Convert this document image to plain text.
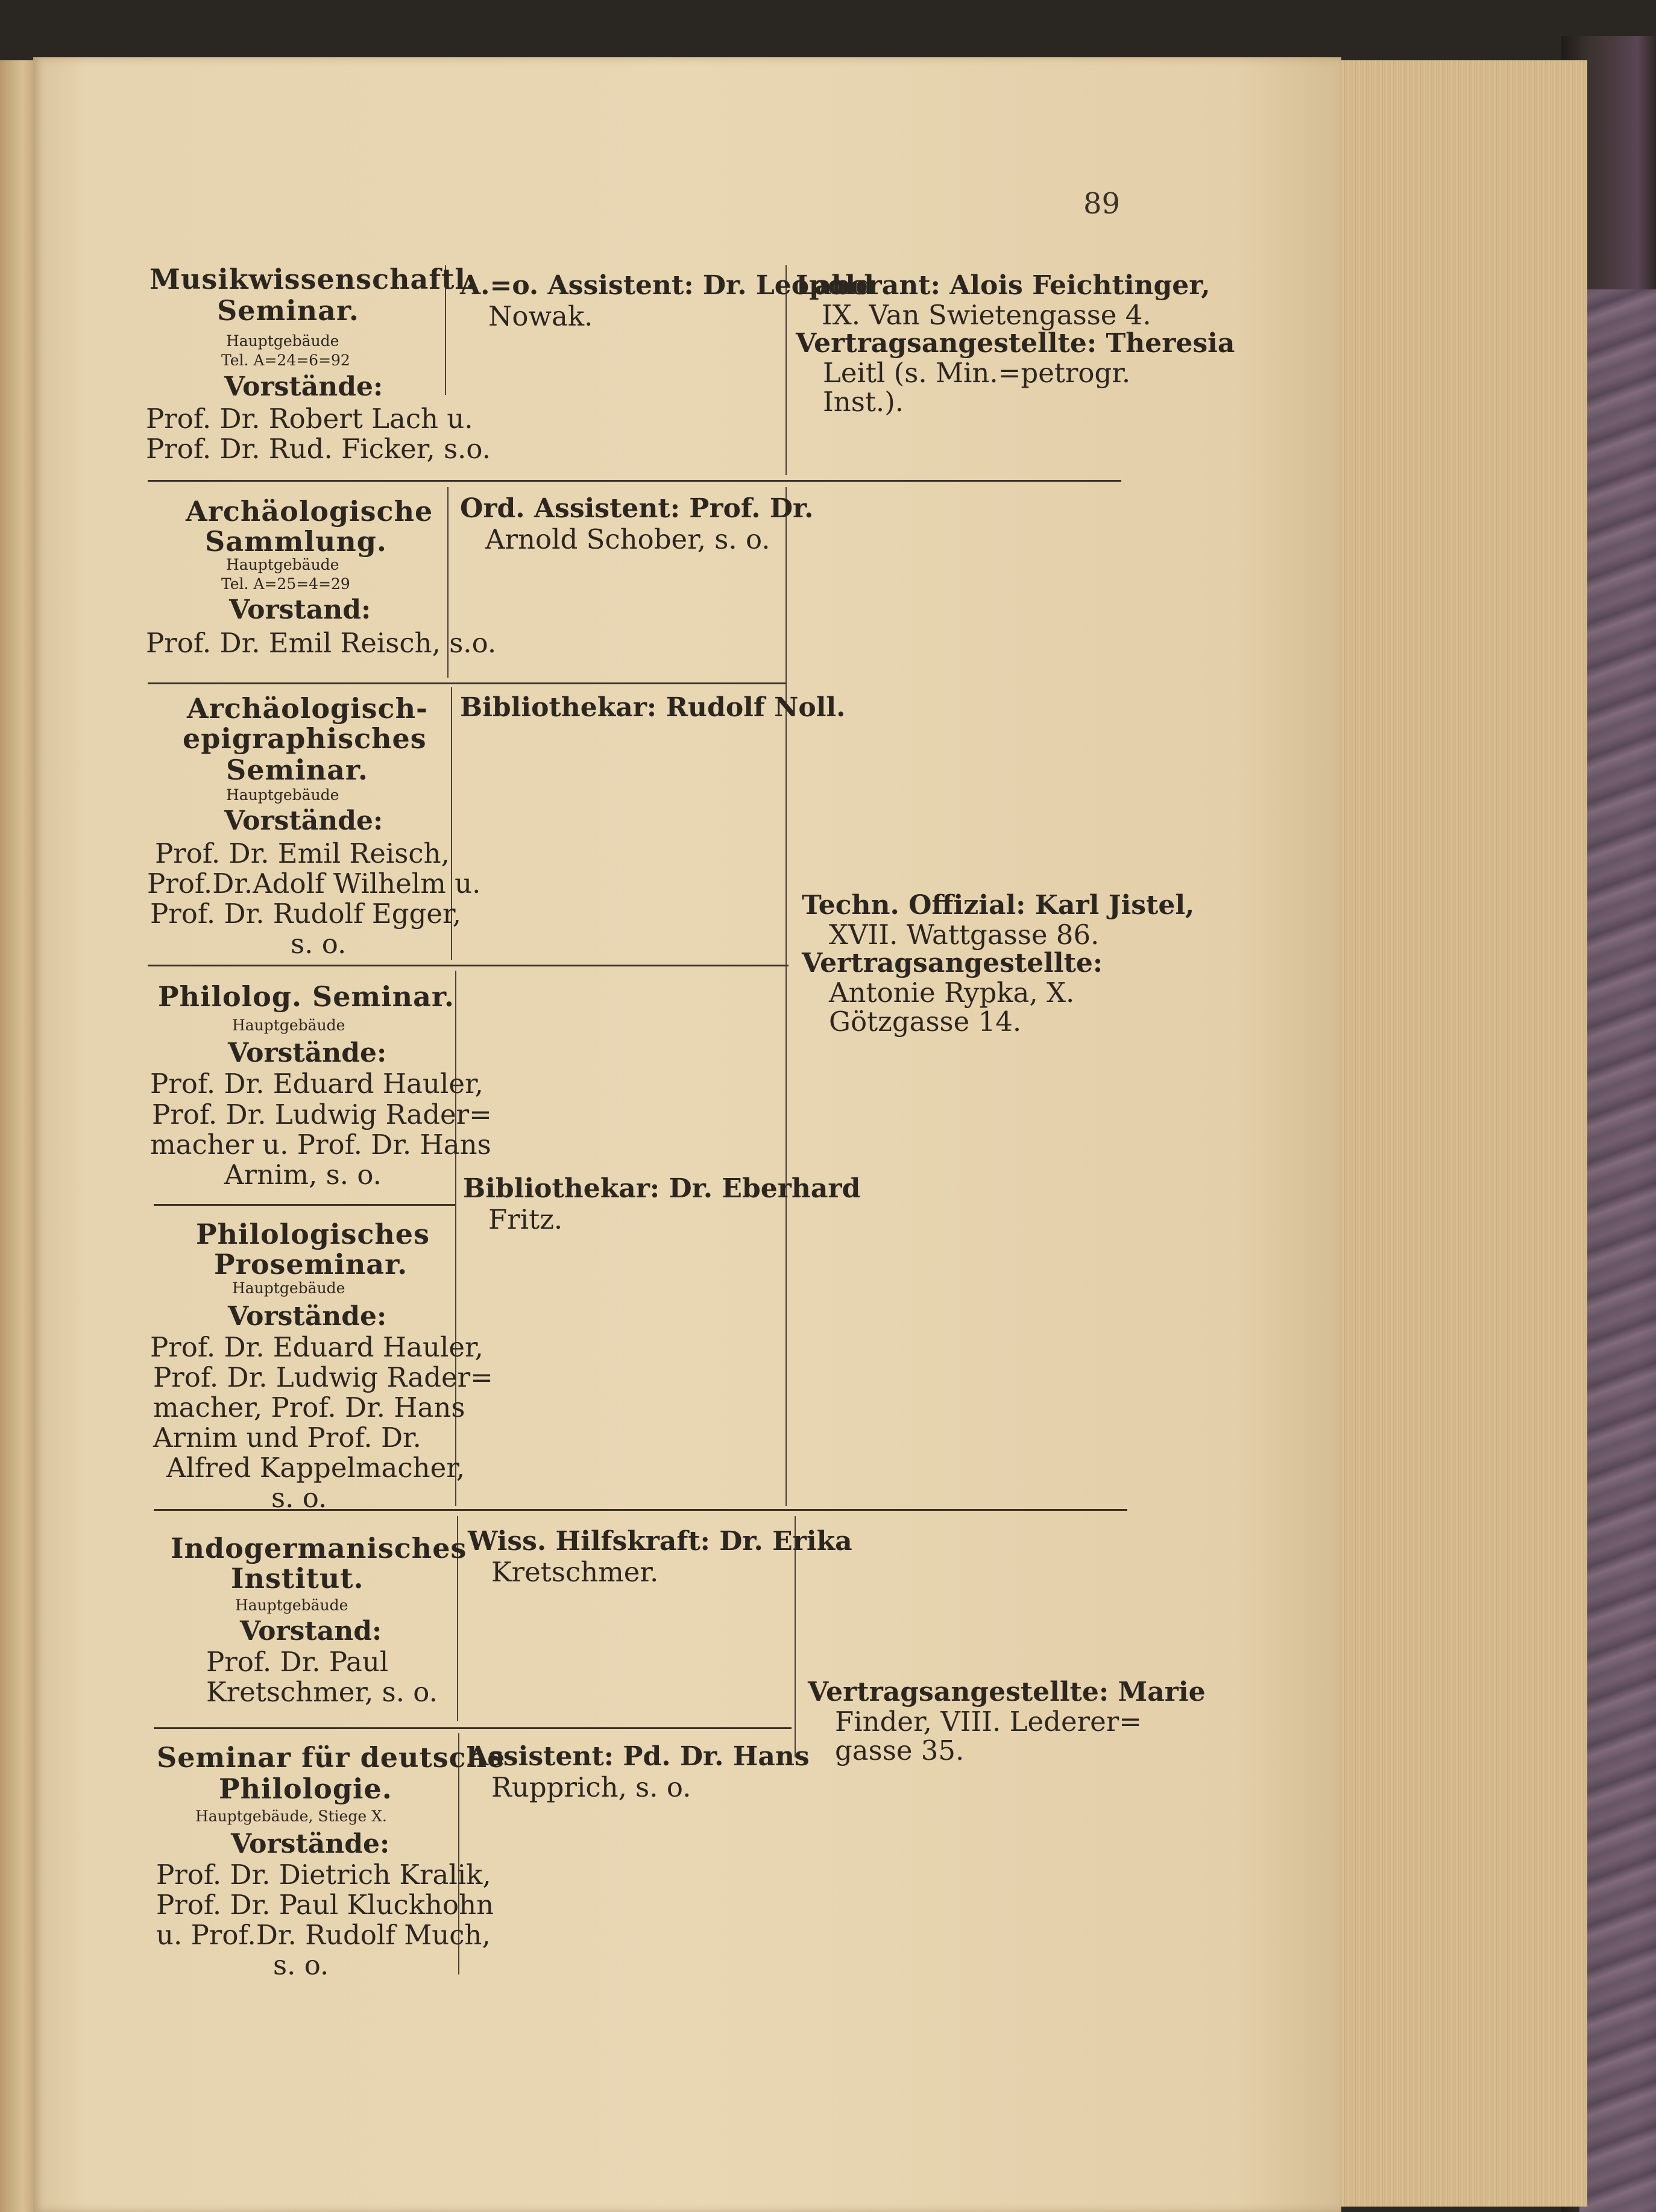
89
Musikwissenschaftl.
Seminar.
Hauptgebäude
Tel. A=24=6=92
Vorstände:
Prof. Dr. Robert Lach u.
Prof. Dr. Rud. Ficker, s.o.
Archäologische
Sammlung.
Hauptgebäude
Tel. A=25=4=29
Vorstand:
Prof. Dr. Emil Reisch, s.o.
Archäologisch-
epigraphisches
Seminar.
Hauptgebäude
Vorstände:
Prof. Dr. Emil Reisch,
Prof.Dr.Adolf Wilhelm u.
Prof. Dr. Rudolf Egger,
s. o.
Philolog. Seminar.
Hauptgebäude
Vorstände:
Prof. Dr. Eduard Hauler,
Prof. Dr. Ludwig Rader=
macher u. Prof. Dr. Hans
Arnim, s. o.
Philologisches
Proseminar.
Hauptgebäude
Vorstände:
Prof. Dr. Eduard Hauler,
Prof. Dr. Ludwig Rader=
macher, Prof. Dr. Hans
Arnim und Prof. Dr.
Alfred Kappelmacher,
s. o.
Indogermanisches
Institut.
Hauptgebäude
Vorstand:
Prof. Dr. Paul
Kretschmer, s. o.
Seminar für deutsche
Philologie.
Hauptgebäude, Stiege X.
Vorstände:
Prof. Dr. Dietrich Kralik,
Prof. Dr. Paul Kluckhohn
u. Prof.Dr. Rudolf Much,
s. o.
A.=o. Assistent: Dr. Leopold
Nowak.
Ord. Assistent: Prof. Dr.
Arnold Schober, s. o.
Bibliothekar: Rudolf Noll.
Bibliothekar: Dr. Eberhard
Fritz.
Wiss. Hilfskraft: Dr. Erika
Kretschmer.
Assistent: Pd. Dr. Hans
Rupprich, s. o.
Laborant: Alois Feichtinger,
IX. Van Swietengasse 4.
Vertragsangestellte: Theresia
Leitl (s. Min.=petrogr.
Inst.).
Techn. Offizial: Karl Jistel,
XVII. Wattgasse 86.
Vertragsangestellte:
Antonie Rypka, X.
Götzgasse 14.
Vertragsangestellte: Marie
Finder, VIII. Lederer=
gasse 35.
